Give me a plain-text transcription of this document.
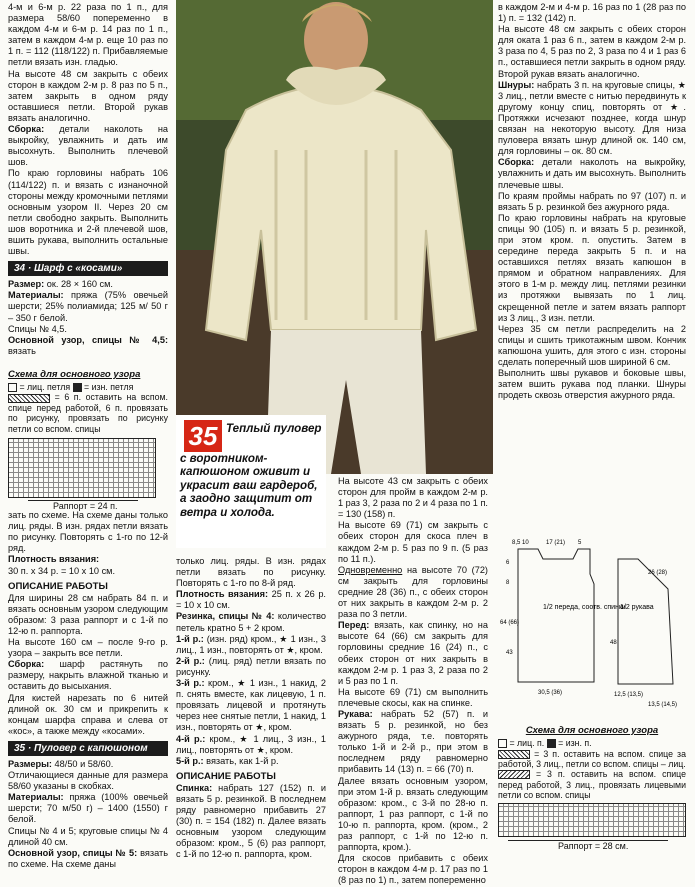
35 Теплый пуловер
с воротником-капюшоном оживит и украсит ваш гардероб, а заодно защитит от ветра и холода.

4-м и 6-м р. 22 раза по 1 п., для размера 58/60 попеременно в каждом 4-м и 6-м р. 14 раз по 1 п., затем в каждом 4-м р. еще 10 раз по 1 п. = 112 (118/122) п. Прибавляемые петли вязать изн. гладью.

На высоте 48 см закрыть с обеих сторон в каждом 2-м р. 8 раз по 5 п., затем закрыть в одном ряду оставшиеся петли. Второй рукав вязать аналогично.

Сборка: детали наколоть на выкройку, увлажнить и дать им высохнуть. Выполнить плечевой шов.

По краю горловины набрать 106 (114/122) п. и вязать с изнаночной стороны между кромочными петлями основным узором II. Через 20 см петли свободно закрыть. Выполнить шов воротника и 2-й плечевой шов, вшить рукава, выполнить остальные швы.

34 · Шарф с «косами»

Размер: ок. 28 × 160 см.

Материалы: пряжа (75% овечьей шерсти; 25% полиамида; 125 м/ 50 г – 350 г белой.

Спицы № 4,5.

Основной узор, спицы № 4,5: вязать

Схема для основного узора
= лиц. петля = изн. петля
= 6 п. оставить на вспом. спице перед работой, 6 п. провязать по рисунку, провязать по рисунку петли со вспом. спицы
Раппорт = 24 п.

зать по схеме. На схеме даны только лиц. ряды. В изн. рядах петли вязать по рисунку. Повторять с 1-го по 12-й ряд.

Плотность вязания:

30 п. х 34 р. = 10 х 10 см.

ОПИСАНИЕ РАБОТЫ

Для ширины 28 см набрать 84 п. и вязать основным узором следующим образом: 3 раза раппорт и с 1-й по 12-ю п. раппорта.

На высоте 160 см – после 9-го р. узора – закрыть все петли.

Сборка: шарф растянуть по размеру, накрыть влажной тканью и оставить до высыхания.

Для кистей нарезать по 6 нитей длиной ок. 30 см и прикрепить к концам шарфа справа и слева от «кос», а также между «косами».

35 · Пуловер с капюшоном

Размеры: 48/50 и 58/60.

Отличающиеся данные для размера 58/60 указаны в скобках.

Материалы: пряжа (100% овечьей шерсти; 70 м/50 г) – 1400 (1550) г белой.

Спицы № 4 и 5; круговые спицы № 4 длиной 40 см.

Основной узор, спицы № 5: вязать по схеме. На схеме даны

только лиц. ряды. В изн. рядах петли вязать по рисунку. Повторять с 1-го по 8-й ряд.

Плотность вязания: 25 п. х 26 р. = 10 х 10 см.

Резинка, спицы № 4: количество петель кратно 5 + 2 кром.

1-й р.: (изн. ряд) кром., ★ 1 изн., 3 лиц., 1 изн., повторять от ★, кром.

2-й р.: (лиц. ряд) петли вязать по рисунку.

3-й р.: кром., ★ 1 изн., 1 накид, 2 п. снять вместе, как лицевую, 1 п. провязать лицевой и протянуть через нее снятые петли, 1 накид, 1 изн., повторять от ★, кром.

4-й р.: кром., ★ 1 лиц., 3 изн., 1 лиц., повторять от ★, кром.

5-й р.: вязать, как 1-й р.

ОПИСАНИЕ РАБОТЫ

Спинка: набрать 127 (152) п. и вязать 5 р. резинкой. В последнем ряду равномерно прибавить 27 (30) п. = 154 (182) п. Далее вязать основным узором следующим образом: кром., 5 (6) раз раппорт, с 1-й по 12-ю п. раппорта, кром.

На высоте 43 см закрыть с обеих сторон для пройм в каждом 2-м р. 1 раз 3, 2 раза по 2 и 4 раза по 1 п. = 130 (158) п.

На высоте 69 (71) см закрыть с обеих сторон для скоса плеч в каждом 2-м р. 5 раз по 9 п. (5 раз по 11 п.).

Одновременно на высоте 70 (72) см закрыть для горловины средние 28 (36) п., с обеих сторон от них закрыть в каждом 2-м р. 2 раза по 3 петли.

Перед: вязать, как спинку, но на высоте 64 (66) см закрыть для горловины средние 16 (24) п., с обеих сторон от них закрыть в каждом 2-м р. 1 раз 3, 2 раза по 2 и 5 раз по 1 п.

На высоте 69 (71) см выполнить плечевые скосы, как на спинке.

Рукава: набрать 52 (57) п. и вязать 5 р. резинкой, но без ажурного ряда, т.е. повторять только 1-й и 2-й р., при этом в последнем ряду равномерно прибавить 14 (13) п. = 66 (70) п.

Далее вязать основным узором, при этом 1-й р. вязать следующим образом: кром., с 3-й по 28-ю п. раппорт, 1 раз раппорт, с 1-й по 10-ю п. раппорта, кром. (кром., 2 раз раппорт, с 1-й по 12-ю п. раппорта, кром.).

Для скосов прибавить с обеих сторон в каждом 4-м р. 17 раз по 1 (8 раз по 1) п., затем попеременно

в каждом 2-м и 4-м р. 16 раз по 1 (28 раз по 1) п. = 132 (142) п.

На высоте 48 см закрыть с обеих сторон для оката 1 раз 6 п., затем в каждом 2-м р. 3 раза по 4, 5 раз по 2, 3 раза по 4 и 1 раз 6 п., оставшиеся петли закрыть в одном ряду.

Второй рукав вязать аналогично.

Шнуры: набрать 3 п. на круговые спицы, ★ 3 лиц., петли вместе с нитью передвинуть к другому концу спиц, повторять от ★. Протяжки исчезают позднее, когда шнур связан на некоторую высоту. Для низа пуловера вязать шнур длиной ок. 140 см, для горловины – ок. 80 см.

Сборка: детали наколоть на выкройку, увлажнить и дать им высохнуть. Выполнить плечевые швы.

По краям проймы набрать по 97 (107) п. и вязать 5 р. резинкой без ажурного ряда.

По краю горловины набрать на круговые спицы 90 (105) п. и вязать 5 р. резинкой, при этом кром. п. опустить. Затем в середине переда закрыть 5 п. и на оставшихся петлях вязать капюшон в прямом и обратном направлениях. Для этого в 1-м р. между лиц. петлями резинки из протяжки вывязать по 1 лиц. скрещенной петле и затем вязать раппорт из 3 лиц., 3 изн. петли.

Через 35 см петли распределить на 2 спицы и сшить трикотажным швом. Кончик капюшона ушить, для этого с изн. стороны сделать поперечный шов шириной 6 см.

Выполнить швы рукавов и боковые швы, затем вшить рукава под планки. Шнуры продеть сквозь отверстия ажурного ряда.

8,5 10	17 (21) 5
6
8
64 (66)
43
1/2 переда, соотв. спинки
1/2 рукава
30,5 (36)	12,5 (13,5)
13,5 (14,5)
26 (28)
48
Схема для основного узора
= лиц. п. = изн. п.
= 3 п. оставить на вспом. спице за работой, 3 лиц., петли со вспом. спицы – лиц.
= 3 п. оставить на вспом. спице перед работой, 3 лиц., провязать лицевыми петли со вспом. спицы
Раппорт = 28 см.
